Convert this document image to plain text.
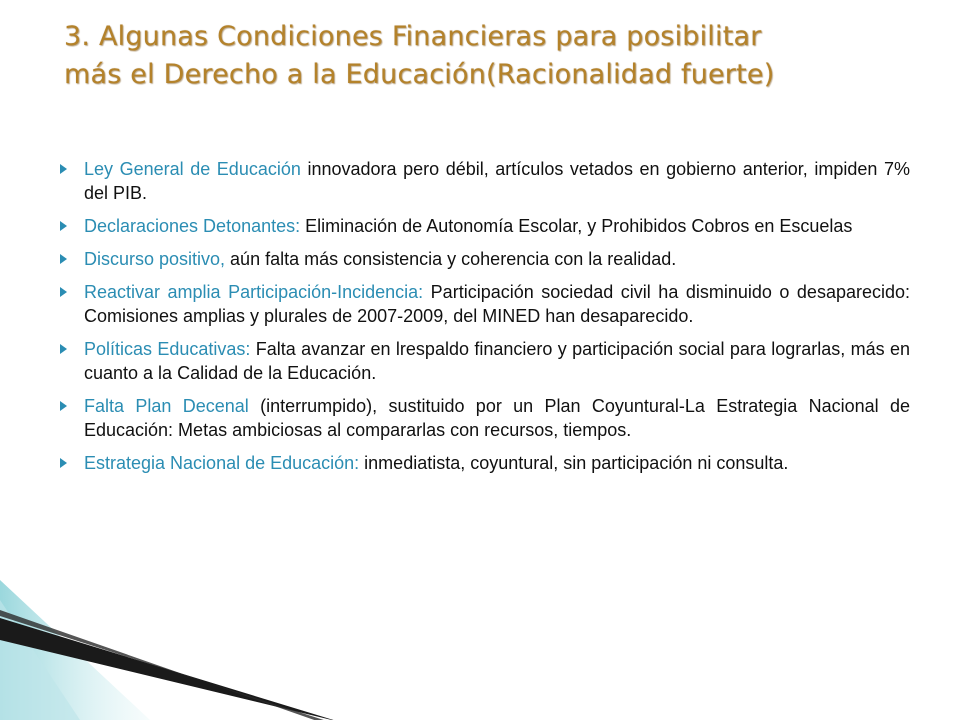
3. Algunas Condiciones Financieras para posibilitar
más el Derecho a la Educación(Racionalidad fuerte)
Ley General de Educación innovadora pero débil, artículos vetados en gobierno anterior, impiden 7% del PIB.
Declaraciones Detonantes: Eliminación de Autonomía Escolar, y Prohibidos Cobros en Escuelas
Discurso positivo, aún falta más consistencia y coherencia con la realidad.
Reactivar amplia Participación-Incidencia: Participación sociedad civil ha disminuido o desaparecido: Comisiones amplias y plurales de 2007-2009, del MINED han desaparecido.
Políticas Educativas: Falta avanzar en lrespaldo financiero y participación social para lograrlas, más en cuanto a la Calidad de la Educación.
Falta Plan Decenal (interrumpido), sustituido por un Plan Coyuntural-La Estrategia Nacional de Educación: Metas ambiciosas al compararlas con recursos, tiempos.
Estrategia Nacional de Educación: inmediatista, coyuntural, sin participación ni consulta.
